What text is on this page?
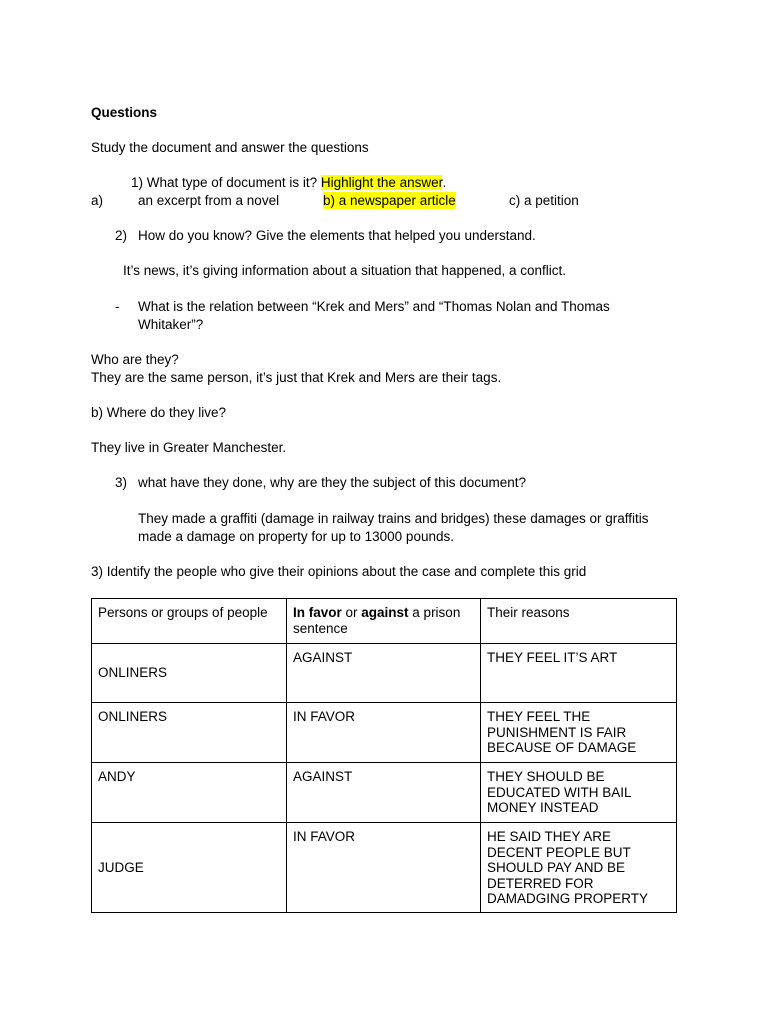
Questions
Study the document and answer the questions
1) What type of document is it? Highlight the answer.
a)	an excerpt from a novel	b) a newspaper article	c) a petition
2) How do you know? Give the elements that helped you understand.
It’s news, it’s giving information about a situation that happened, a conflict.
- What is the relation between “Krek and Mers” and “Thomas Nolan and Thomas
Whitaker”?
Who are they?
They are the same person, it’s just that Krek and Mers are their tags.
b) Where do they live?
They live in Greater Manchester.
3) what have they done, why are they the subject of this document?
They made a graffiti (damage in railway trains and bridges) these damages or graffitis
made a damage on property for up to 13000 pounds.
3) Identify the people who give their opinions about the case and complete this grid
Persons or groups of people	In favor or against a prison sentence	Their reasons
ONLINERS	AGAINST	THEY FEEL IT’S ART
ONLINERS	IN FAVOR	THEY FEEL THE PUNISHMENT IS FAIR BECAUSE OF DAMAGE
ANDY	AGAINST	THEY SHOULD BE EDUCATED WITH BAIL MONEY INSTEAD
JUDGE	IN FAVOR	HE SAID THEY ARE DECENT PEOPLE BUT SHOULD PAY AND BE DETERRED FOR DAMADGING PROPERTY
